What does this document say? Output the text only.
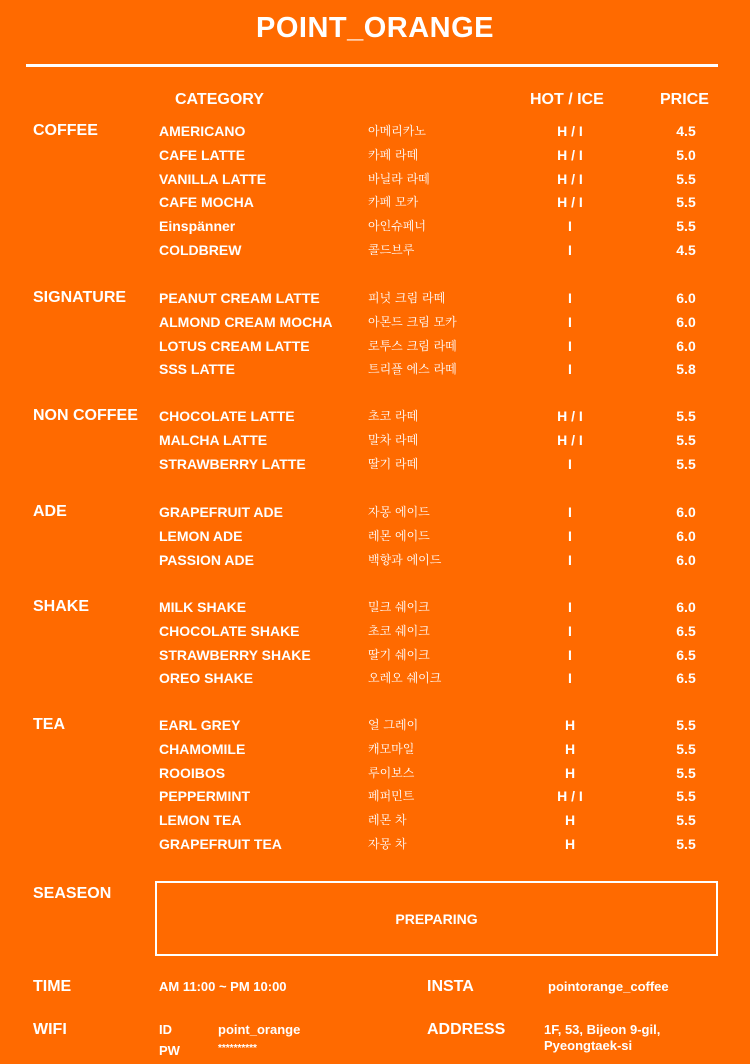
POINT_ORANGE
CATEGORY	HOT / ICE	PRICE
COFFEE	AMERICANO	아메리카노	H / I	4.5
CAFE LATTE	카페 라떼	H / I	5.0
VANILLA LATTE	바닐라 라떼	H / I	5.5
CAFE MOCHA	카페 모카	H / I	5.5
Einspänner	아인슈페너	I	5.5
COLDBREW	콜드브루	I	4.5
SIGNATURE	PEANUT CREAM LATTE	피넛 크림 라떼	I	6.0
ALMOND CREAM MOCHA	아몬드 크림 모카	I	6.0
LOTUS CREAM LATTE	로투스 크림 라떼	I	6.0
SSS LATTE	트리플 에스 라떼	I	5.8
NON COFFEE	CHOCOLATE LATTE	초코 라떼	H / I	5.5
MALCHA LATTE	말차 라떼	H / I	5.5
STRAWBERRY LATTE	딸기 라떼	I	5.5
ADE	GRAPEFRUIT ADE	자몽 에이드	I	6.0
LEMON ADE	레몬 에이드	I	6.0
PASSION ADE	백향과 에이드	I	6.0
SHAKE	MILK SHAKE	밀크 쉐이크	I	6.0
CHOCOLATE SHAKE	초코 쉐이크	I	6.5
STRAWBERRY SHAKE	딸기 쉐이크	I	6.5
OREO SHAKE	오레오 쉐이크	I	6.5
TEA	EARL GREY	얼 그레이	H	5.5
CHAMOMILE	캐모마일	H	5.5
ROOIBOS	루이보스	H	5.5
PEPPERMINT	페퍼민트	H / I	5.5
LEMON TEA	레몬 차	H	5.5
GRAPEFRUIT TEA	자몽 차	H	5.5
SEASEON
PREPARING
TIME	AM 11:00 ~ PM 10:00	INSTA	pointorange_coffee
WIFI	ID	point_orange
PW	**********
ADDRESS	1F, 53, Bijeon 9-gil,
Pyeongtaek-si
